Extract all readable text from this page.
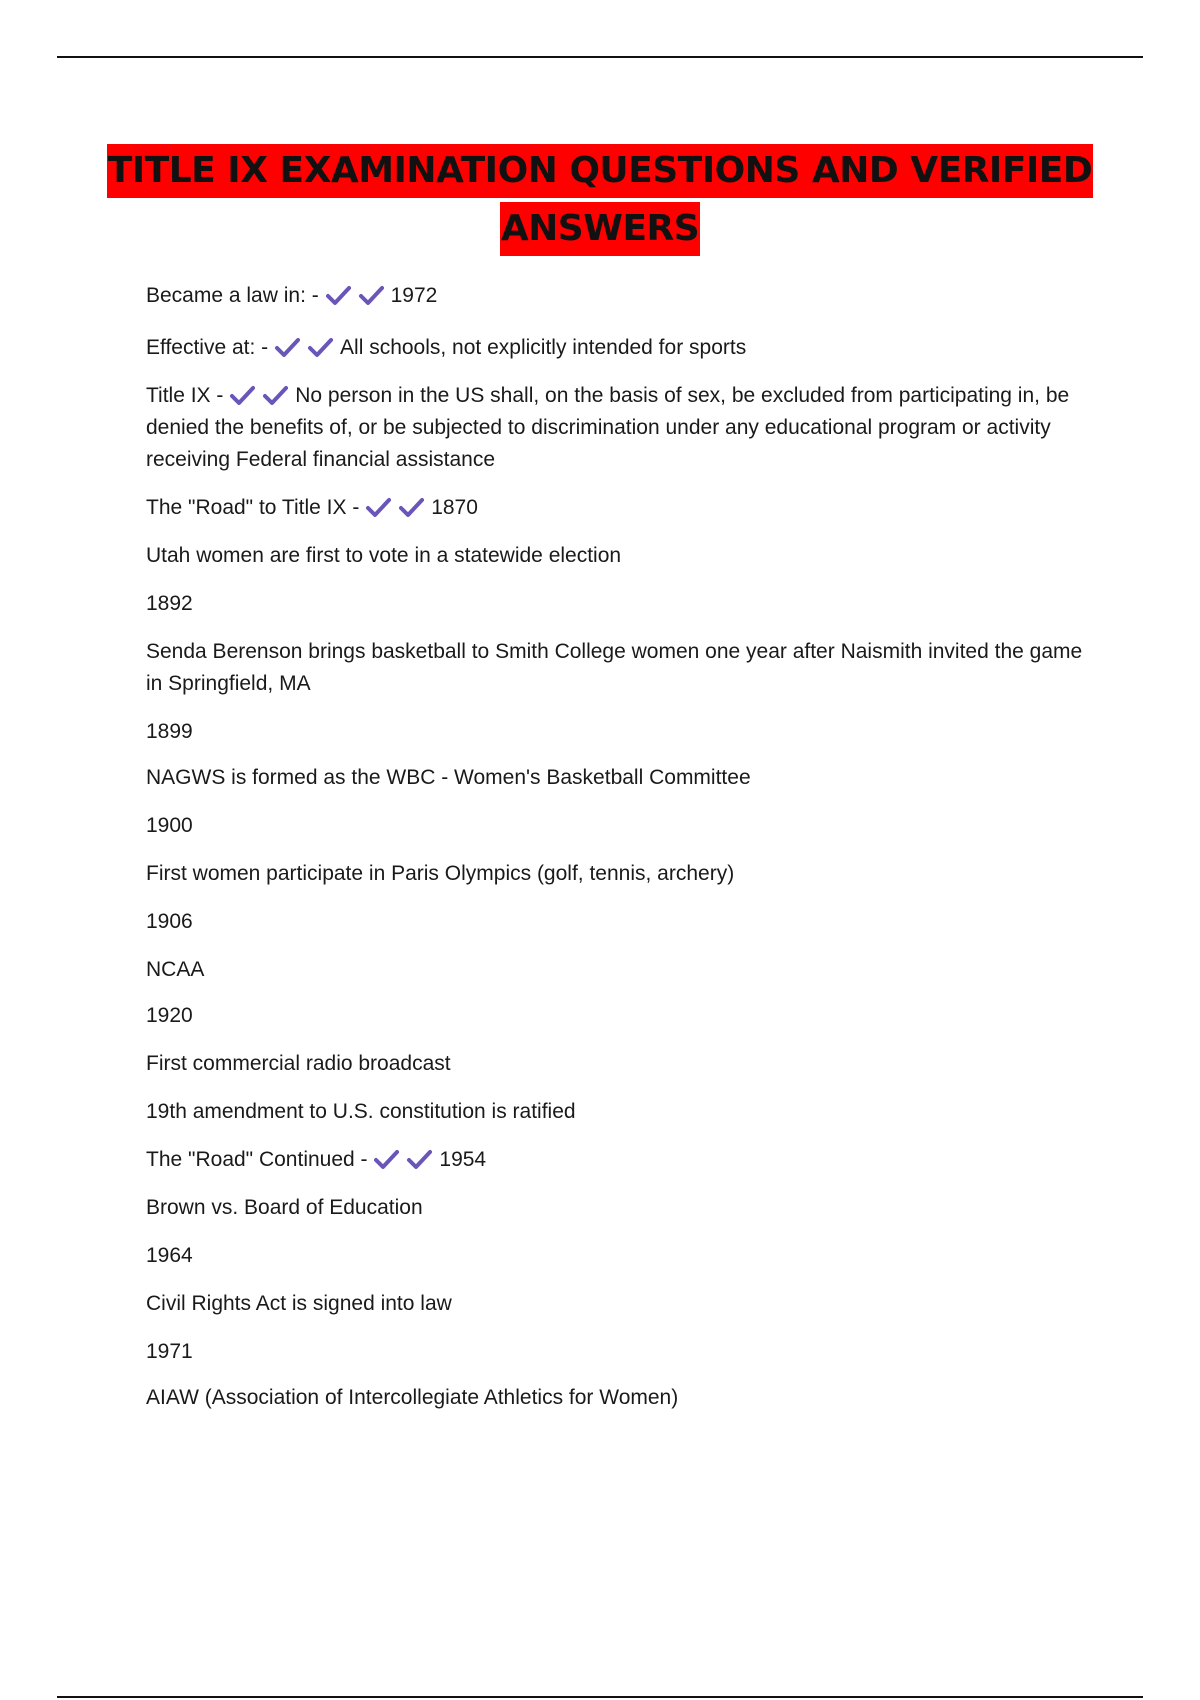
TITLE IX EXAMINATION QUESTIONS AND VERIFIED
ANSWERS

Became a law in: -	1972

Effective at: -	All schools, not explicitly intended for sports

Title IX -	No person in the US shall, on the basis of sex, be excluded from participating in, be denied the benefits of, or be subjected to discrimination under any educational program or activity receiving Federal financial assistance

The "Road" to Title IX -	1870

Utah women are first to vote in a statewide election

1892

Senda Berenson brings basketball to Smith College women one year after Naismith invited the game in Springfield, MA

1899

NAGWS is formed as the WBC - Women's Basketball Committee

1900

First women participate in Paris Olympics (golf, tennis, archery)

1906

NCAA

1920

First commercial radio broadcast

19th amendment to U.S. constitution is ratified

The "Road" Continued -	1954

Brown vs. Board of Education

1964

Civil Rights Act is signed into law

1971

AIAW (Association of Intercollegiate Athletics for Women)
